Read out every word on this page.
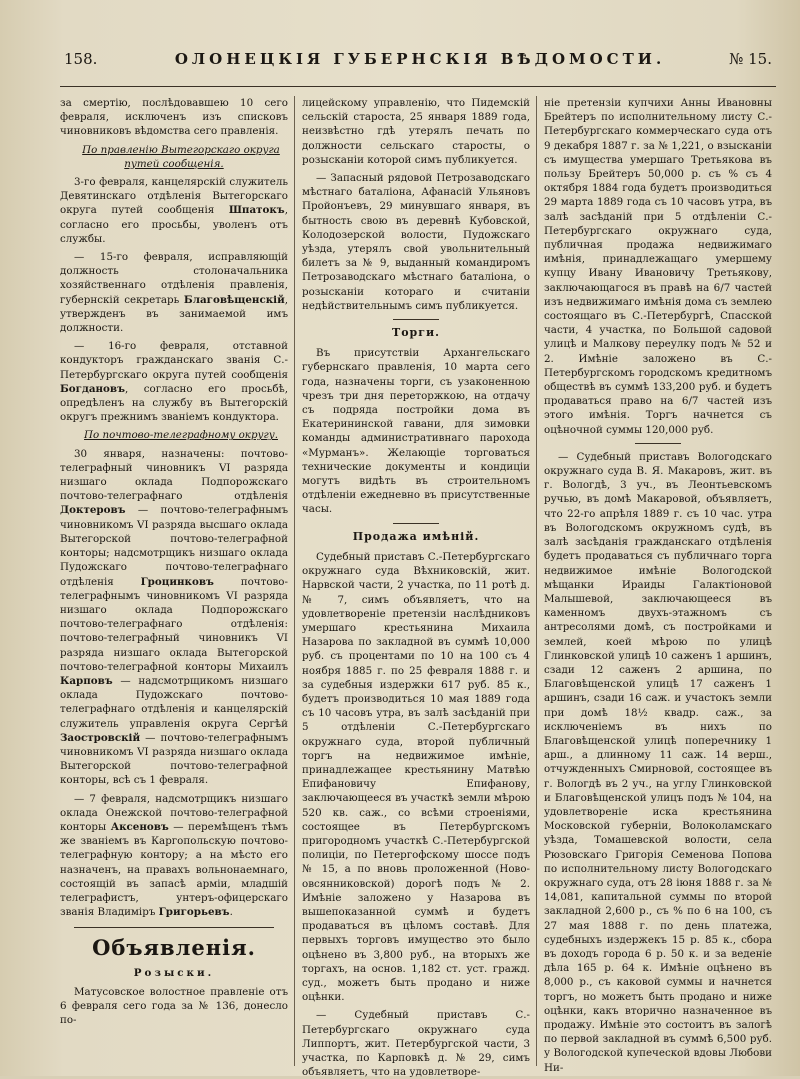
158.	ОЛОНЕЦКІЯ ГУБЕРНСКІЯ ВѢДОМОСТИ.	№ 15.

за смертію, послѣдовавшею 10 сего февраля, исключенъ изъ списковъ чиновниковъ вѣдомства сего правленія.

По правленію Вытегорскаго округа путей сообщенія.

3-го февраля, канцелярскій служитель Девятинскаго отдѣленія Вытегорскаго округа путей сообщенія Шпатокъ, согласно его просьбы, уволенъ отъ службы.

— 15-го февраля, исправляющій должность столоначальника хозяйственнаго отдѣленія правленія, губернскій секретарь Благовѣщенскій, утвержденъ въ занимаемой имъ должности.

— 16-го февраля, отставной кондукторъ гражданскаго званія С.-Петербургскаго округа путей сообщенія Богдановъ, согласно его просьбѣ, опредѣленъ на службу въ Вытегорскій округъ прежнимъ званіемъ кондуктора.

По почтово-телеграфному округу.

30 января, назначены: почтово-телеграфный чиновникъ VI разряда низшаго оклада Подпорожскаго почтово-телеграфнаго отдѣленія Доктеровъ — почтово-телеграфнымъ чиновникомъ VI разряда высшаго оклада Вытегорской почтово-телеграфной конторы; надсмотрщикъ низшаго оклада Пудожскаго почтово-телеграфнаго отдѣленія Гроцинковъ почтово-телеграфнымъ чиновникомъ VI разряда низшаго оклада Подпорожскаго почтово-телеграфнаго отдѣленія: почтово-телеграфный чиновникъ VI разряда низшаго оклада Вытегорской почтово-телеграфной конторы Михаилъ Карповъ — надсмотрщикомъ низшаго оклада Пудожскаго почтово-телеграфнаго отдѣленія и канцелярскій служитель управленія округа Сергѣй Заостровскій — почтово-телеграфнымъ чиновникомъ VI разряда низшаго оклада Вытегорской почтово-телеграфной конторы, всѣ съ 1 февраля.

— 7 февраля, надсмотрщикъ низшаго оклада Онежской почтово-телеграфной конторы Аксеновъ — перемѣщенъ тѣмъ же званіемъ въ Каргопольскую почтово-телеграфную контору; а на мѣсто его назначенъ, на правахъ вольнонаемнаго, состоящій въ запасѣ арміи, младшій телеграфистъ, унтеръ-офицерскаго званія Владиміръ Григорьевъ.

Объявленія.
Розыски.

Матусовское волостное правленіе отъ 6 февраля сего года за № 136, донесло по-

лицейскому управленію, что Пидемскій сельскій староста, 25 января 1889 года, неизвѣстно гдѣ утерялъ печать по должности сельскаго старосты, о розысканіи которой симъ публикуется.

— Запасный рядовой Петрозаводскаго мѣстнаго баталіона, Афанасій Ульяновъ Пройонъевъ, 29 минувшаго января, въ бытность свою въ деревнѣ Кубовской, Колодозерской волости, Пудожскаго уѣзда, утерялъ свой увольнительный билетъ за № 9, выданный командиромъ Петрозаводскаго мѣстнаго баталіона, о розысканіи котораго и считаніи недѣйствительнымъ симъ публикуется.

Торги.

Въ присутствіи Архангельскаго губернскаго правленія, 10 марта сего года, назначены торги, съ узаконенною чрезъ три дня переторжкою, на отдачу съ подряда постройки дома въ Екатерининской гавани, для зимовки команды административнаго парохода «Мурманъ». Желающіе торговаться технические документы и кондиціи могутъ видѣть въ строительномъ отдѣленіи ежедневно въ присутственные часы.

Продажа имѣній.

Судебный приставъ С.-Петербургскаго окружнаго суда Вѣхниковскій, жит. Нарвской части, 2 участка, по 11 ротѣ д. № 7, симъ объявляетъ, что на удовлетвореніе претензіи наслѣдниковъ умершаго крестьянина Михаила Назарова по закладной въ суммѣ 10,000 руб. съ процентами по 10 на 100 съ 4 ноября 1885 г. по 25 февраля 1888 г. и за судебныя издержки 617 руб. 85 к., будетъ производиться 10 мая 1889 года съ 10 часовъ утра, въ залѣ засѣданій при 5 отдѣленіи С.-Петербургскаго окружнаго суда, второй публичный торгъ на недвижимое имѣніе, принадлежащее крестьянину Матвѣю Епифановичу Епифанову, заключающееся въ участкѣ земли мѣрою 520 кв. саж., со всѣми строеніями, состоящее въ Петербургскомъ пригородномъ участкѣ С.-Петербургской полиціи, по Петергофскому шоссе подъ № 15, а по вновь проложенной (Ново-овсянниковской) дорогѣ подъ № 2. Имѣніе заложено у Назарова въ вышепоказанной суммѣ и будетъ продаваться въ цѣломъ составѣ. Для первыхъ торговъ имущество это было оцѣнено въ 3,800 руб., на вторыхъ же торгахъ, на основ. 1,182 ст. уст. гражд. суд., можетъ быть продано и ниже оцѣнки.

— Судебный приставъ С.-Петербургскаго окружнаго суда Липпортъ, жит. Петербургской части, 3 участка, по Карповкѣ д. № 29, симъ объявляетъ, что на удовлетворе-

ніе претензіи купчихи Анны Ивановны Брейтеръ по исполнительному листу С.-Петербургскаго коммерческаго суда отъ 9 декабря 1887 г. за № 1,221, о взысканіи съ имущества умершаго Третьякова въ пользу Брейтеръ 50,000 р. съ % съ 4 октября 1884 года будетъ производиться 29 марта 1889 года съ 10 часовъ утра, въ залѣ засѣданій при 5 отдѣленіи С.-Петербургскаго окружнаго суда, публичная продажа недвижимаго имѣнія, принадлежащаго умершему купцу Ивану Ивановичу Третьякову, заключающагося въ правѣ на 6/7 частей изъ недвижимаго имѣнія дома съ землею состоящаго въ С.-Петербургѣ, Спасской части, 4 участка, по Большой садовой улицѣ и Малкову переулку подъ № 52 и 2. Имѣніе заложено въ С.-Петербургскомъ городскомъ кредитномъ обществѣ въ суммѣ 133,200 руб. и будетъ продаваться право на 6/7 частей изъ этого имѣнія. Торгъ начнется съ оцѣночной суммы 120,000 руб.

— Судебный приставъ Вологодскаго окружнаго суда В. Я. Макаровъ, жит. въ г. Вологдѣ, 3 уч., въ Леонтьевскомъ ручью, въ домѣ Макаровой, объявляетъ, что 22-го апрѣля 1889 г. съ 10 час. утра въ Вологодскомъ окружномъ судѣ, въ залѣ засѣданія гражданскаго отдѣленія будетъ продаваться съ публичнаго торга недвижимое имѣніе Вологодской мѣщанки Ираиды Галактіоновой Малышевой, заключающееся въ каменномъ двухъ-этажномъ съ антресолями домѣ, съ постройками и землей, коей мѣрою по улицѣ Глинковской улицѣ 10 саженъ 1 аршинъ, сзади 12 саженъ 2 аршина, по Благовѣщенской улицѣ 17 саженъ 1 аршинъ, сзади 16 саж. и участокъ земли при домѣ 18½ квадр. саж., за исключеніемъ въ нихъ по Благовѣщенской улицѣ поперечнику 1 арш., а длинному 11 саж. 14 верш., отчужденныхъ Смирновой, состоящее въ г. Вологдѣ въ 2 уч., на углу Глинковской и Благовѣщенской улицъ подъ № 104, на удовлетвореніе иска крестьянина Московской губерніи, Волоколамскаго уѣзда, Томашевской волости, села Рюзовскаго Григорія Семенова Попова по исполнительному листу Вологодскаго окружнаго суда, отъ 28 іюня 1888 г. за № 14,081, капитальной суммы по второй закладной 2,600 р., съ % по 6 на 100, съ 27 мая 1888 г. по день платежа, судебныхъ издержекъ 15 р. 85 к., сбора въ доходъ города 6 р. 50 к. и за веденіе дѣла 165 р. 64 к. Имѣніе оцѣнено въ 8,000 р., съ каковой суммы и начнется торгъ, но можетъ быть продано и ниже оцѣнки, какъ вторично назначенное въ продажу. Имѣніе это состоитъ въ залогѣ по первой закладной въ суммѣ 6,500 руб. у Вологодской купеческой вдовы Любови Ни-
